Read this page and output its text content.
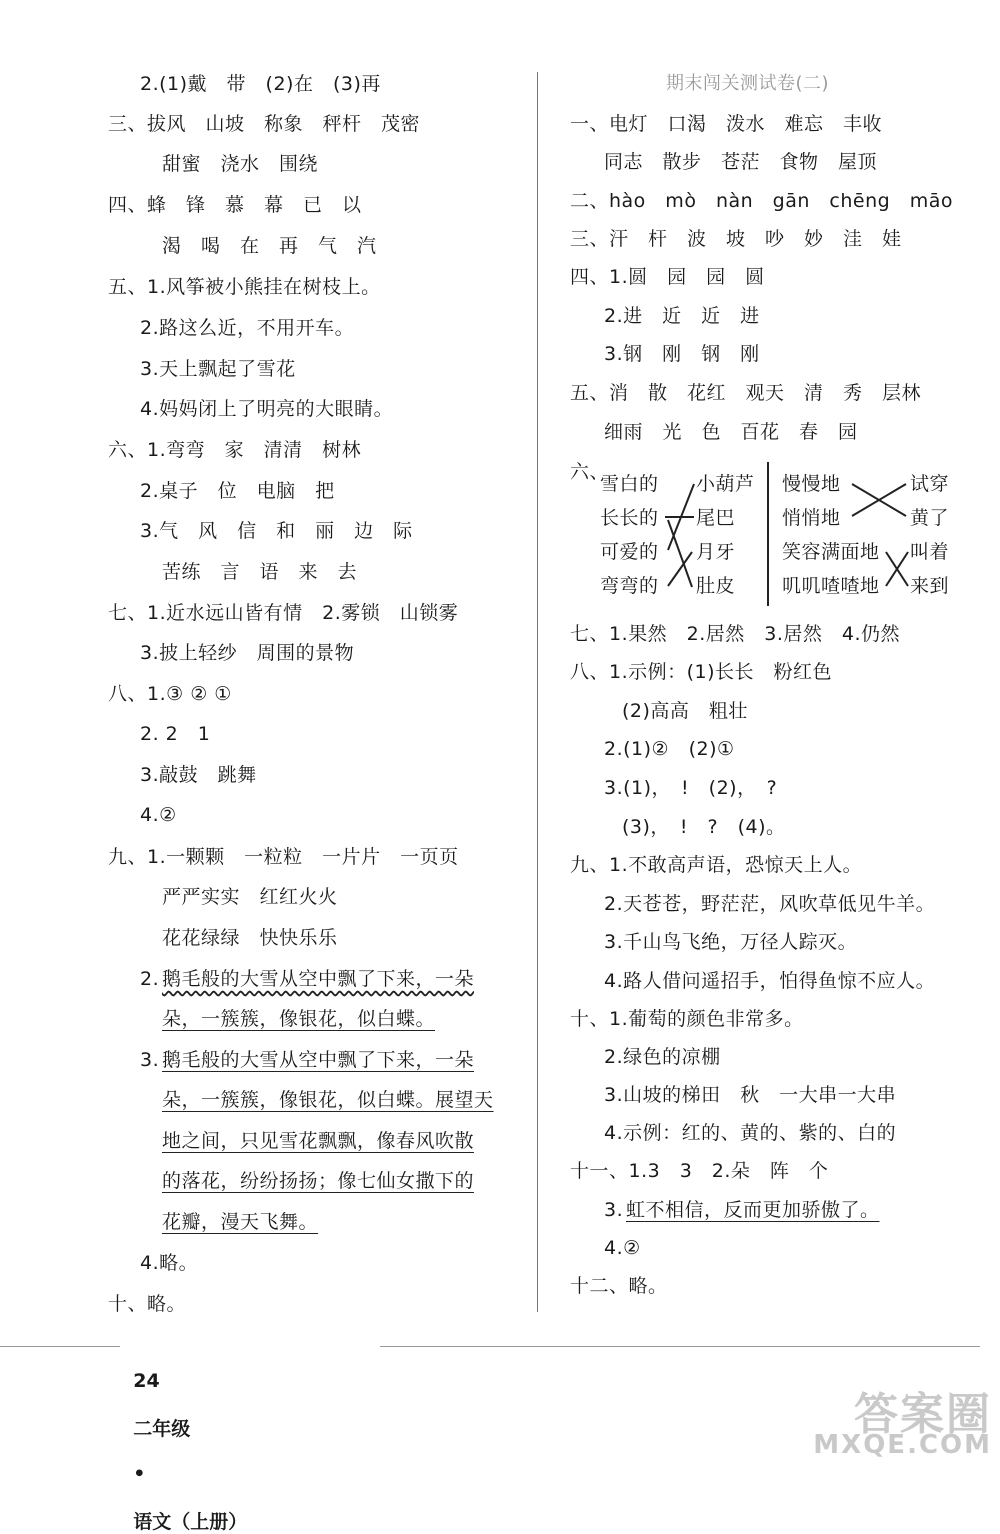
2.(1)戴　带　(2)在　(3)再
三、拔风　山坡　称象　秤杆　茂密
甜蜜　浇水　围绕
四、蜂　锋　慕　幕　已　以
渴　喝　在　再　气　汽
五、1.风筝被小熊挂在树枝上。
2.路这么近，不用开车。
3.天上飘起了雪花
4.妈妈闭上了明亮的大眼睛。
六、1.弯弯　家　清清　树林
2.桌子　位　电脑　把
3.气　风　信　和　丽　边　际
苦练　言　语　来　去
七、1.近水远山皆有情　2.雾锁　山锁雾
3.披上轻纱　周围的景物
八、1.③ ② ①
2. 2　1
3.敲鼓　跳舞
4.②
九、1.一颗颗　一粒粒　一片片　一页页
严严实实　红红火火
花花绿绿　快快乐乐
2. 鹅毛般的大雪从空中飘了下来，一朵
朵，一簇簇，像银花，似白蝶。
3. 鹅毛般的大雪从空中飘了下来，一朵
朵，一簇簇，像银花，似白蝶。展望天
地之间，只见雪花飘飘，像春风吹散
的落花，纷纷扬扬；像七仙女撒下的
花瓣，漫天飞舞。
4.略。
十、略。
期末闯关测试卷(二)
一、电灯　口渴　泼水　难忘　丰收
同志　散步　苍茫　食物　屋顶
二、hào　mò　nàn　gān　chēng　māo
三、汗　杆　波　坡　吵　妙　洼　娃
四、1.圆　园　园　圆
2.进　近　近　进
3.钢　刚　钢　刚
五、消　散　花红　观天　清　秀　层林
细雨　光　色　百花　春　园
六、
雪白的
长长的
可爱的
弯弯的
小葫芦
尾巴
月牙
肚皮
慢慢地
悄悄地
笑容满面地
叽叽喳喳地
试穿
黄了
叫着
来到
七、1.果然　2.居然　3.居然　4.仍然
八、1.示例：(1)长长　粉红色
(2)高高　粗壮
2.(1)②　(2)①
3.(1)，　!　(2)，　?
(3)，　!　?　(4)。
九、1.不敢高声语，恐惊天上人。
2.天苍苍，野茫茫，风吹草低见牛羊。
3.千山鸟飞绝，万径人踪灭。
4.路人借问遥招手，怕得鱼惊不应人。
十、1.葡萄的颜色非常多。
2.绿色的凉棚
3.山坡的梯田　秋　一大串一大串
4.示例：红的、黄的、紫的、白的
十一、1.3　3　2.朵　阵　个
3. 虹不相信，反而更加骄傲了。
4.②
十二、略。

24

二年级

•

语文（上册）

答案圈
MXQE.COM
